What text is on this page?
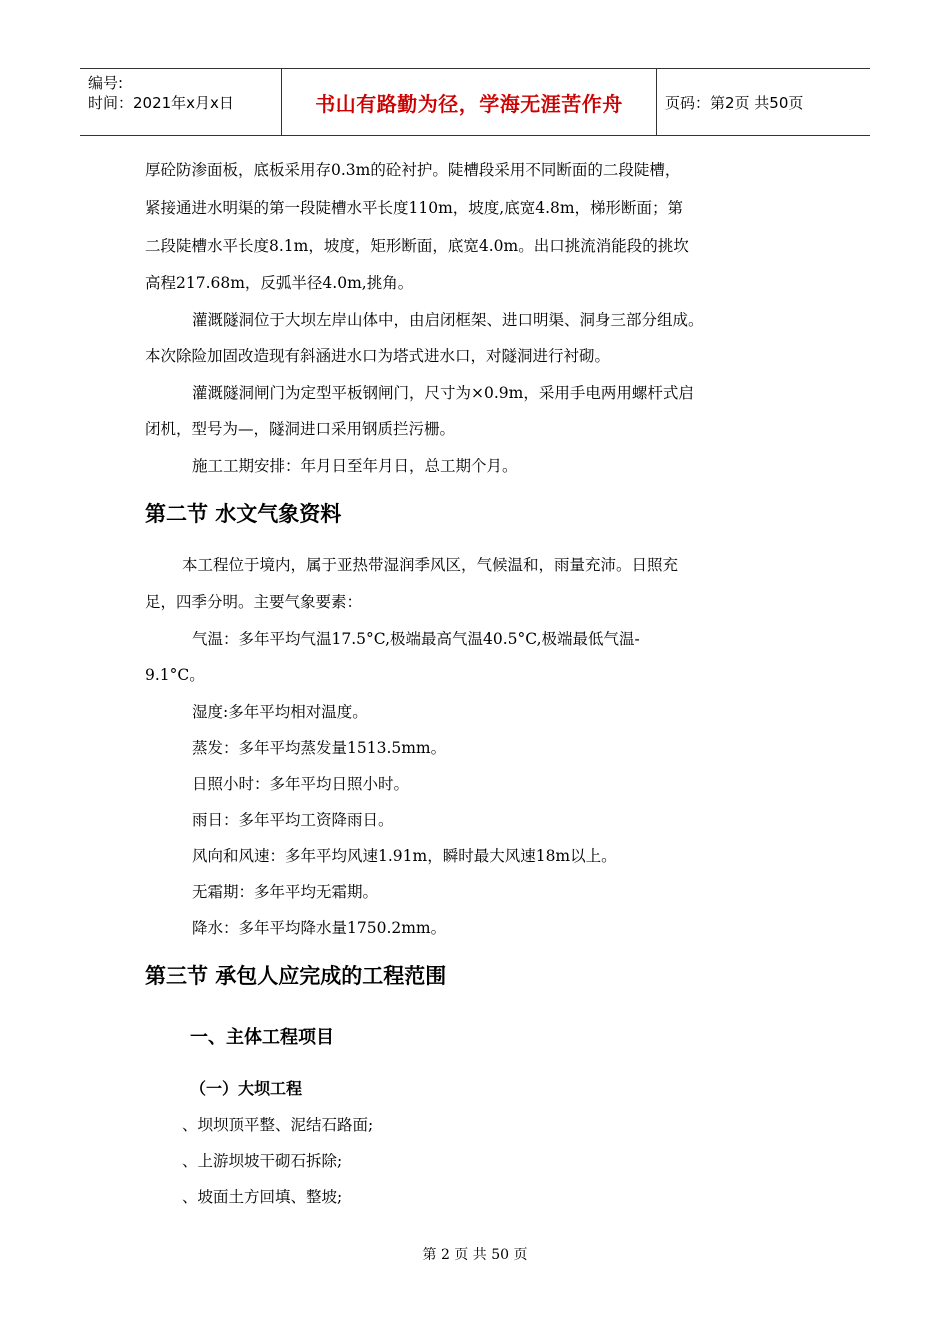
编号:
时间：2021年x月x日	书山有路勤为径，学海无涯苦作舟	页码：第2页 共50页
厚砼防渗面板，底板采用存0.3m的砼衬护。陡槽段采用不同断面的二段陡槽，
紧接通进水明渠的第一段陡槽水平长度110m，坡度,底宽4.8m，梯形断面；第
二段陡槽水平长度8.1m，坡度，矩形断面，底宽4.0m。出口挑流消能段的挑坎
高程217.68m，反弧半径4.0m,挑角。
灌溉隧洞位于大坝左岸山体中，由启闭框架、进口明渠、洞身三部分组成。
本次除险加固改造现有斜涵进水口为塔式进水口，对隧洞进行衬砌。
灌溉隧洞闸门为定型平板钢闸门，尺寸为×0.9m，采用手电两用螺杆式启
闭机，型号为—，隧洞进口采用钢质拦污栅。
施工工期安排：年月日至年月日，总工期个月。
第二节 水文气象资料
本工程位于境内，属于亚热带湿润季风区，气候温和，雨量充沛。日照充
足，四季分明。主要气象要素：
气温：多年平均气温17.5°C,极端最高气温40.5°C,极端最低气温-
9.1°C。
湿度:多年平均相对温度。
蒸发：多年平均蒸发量1513.5mm。
日照小时：多年平均日照小时。
雨日：多年平均工资降雨日。
风向和风速：多年平均风速1.91m，瞬时最大风速18m以上。
无霜期：多年平均无霜期。
降水：多年平均降水量1750.2mm。
第三节 承包人应完成的工程范围
一、主体工程项目
（一）大坝工程
、坝坝顶平整、泥结石路面;
、上游坝坡干砌石拆除;
、坡面土方回填、整坡;
第 2 页 共 50 页
